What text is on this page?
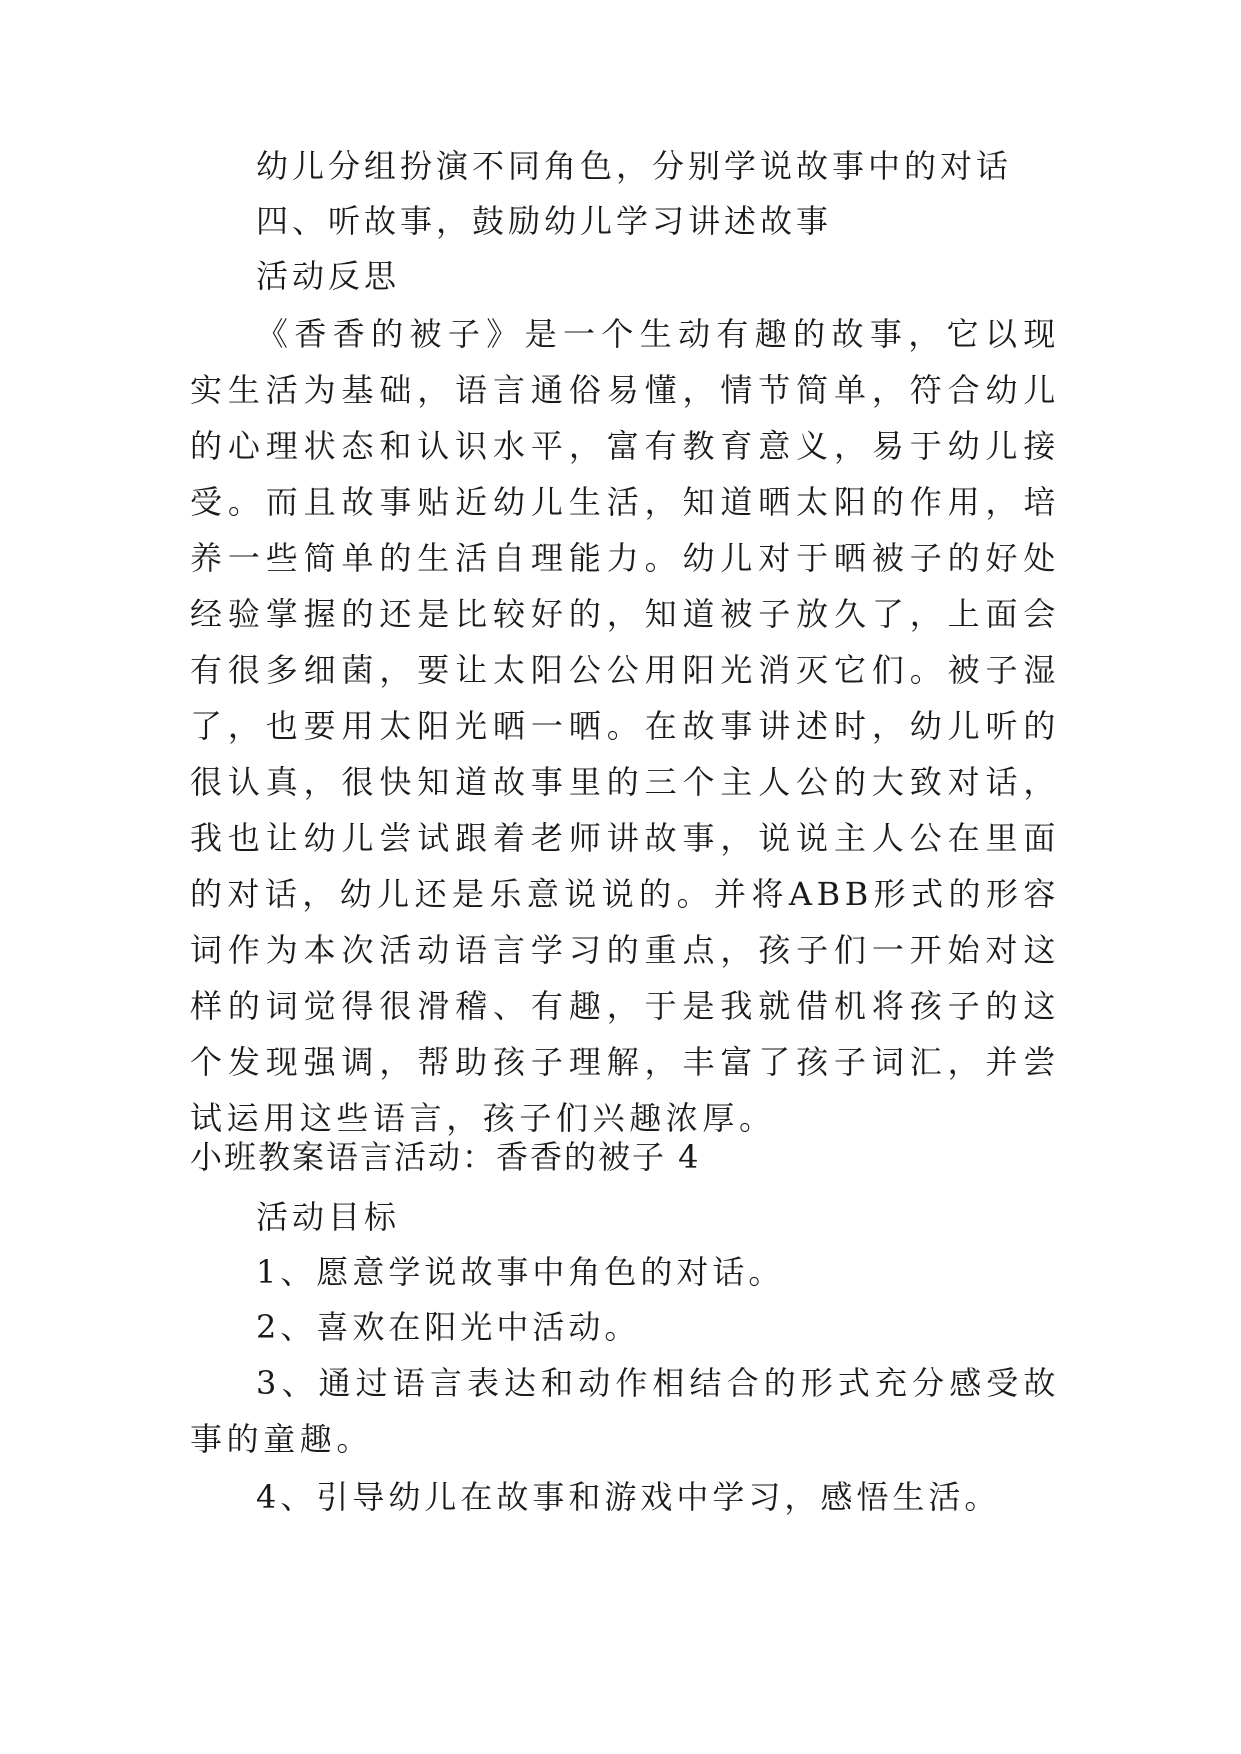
幼儿分组扮演不同角色，分别学说故事中的对话
四、听故事，鼓励幼儿学习讲述故事
活动反思

《香香的被子》是一个生动有趣的故事，它以现实生活为基础，语言通俗易懂，情节简单，符合幼儿的心理状态和认识水平，富有教育意义，易于幼儿接受。而且故事贴近幼儿生活，知道晒太阳的作用，培养一些简单的生活自理能力。幼儿对于晒被子的好处经验掌握的还是比较好的，知道被子放久了，上面会有很多细菌，要让太阳公公用阳光消灭它们。被子湿了，也要用太阳光晒一晒。在故事讲述时，幼儿听的很认真，很快知道故事里的三个主人公的大致对话，我也让幼儿尝试跟着老师讲故事，说说主人公在里面的对话，幼儿还是乐意说说的。并将ABB形式的形容词作为本次活动语言学习的重点，孩子们一开始对这样的词觉得很滑稽、有趣，于是我就借机将孩子的这个发现强调，帮助孩子理解，丰富了孩子词汇，并尝试运用这些语言，孩子们兴趣浓厚。

小班教案语言活动：香香的被子 4
活动目标
1、愿意学说故事中角色的对话。
2、喜欢在阳光中活动。

3、通过语言表达和动作相结合的形式充分感受故事的童趣。

4、引导幼儿在故事和游戏中学习，感悟生活。
